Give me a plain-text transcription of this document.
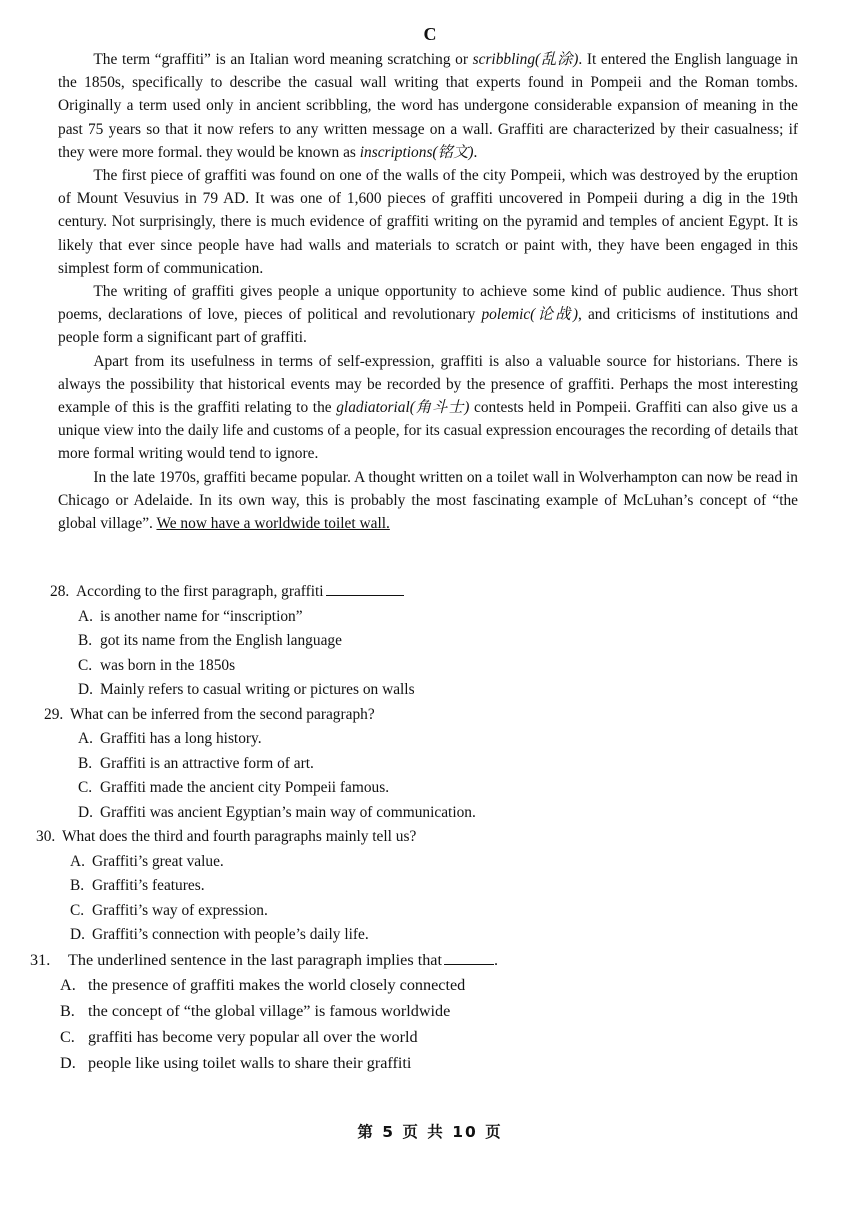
C

The term “graffiti” is an Italian word meaning scratching or scribbling(乱涂). It entered the English language in the 1850s, specifically to describe the casual wall writing that experts found in Pompeii and the Roman tombs. Originally a term used only in ancient scribbling, the word has undergone considerable expansion of meaning in the past 75 years so that it now refers to any written message on a wall. Graffiti are characterized by their casualness; if they were more formal. they would be known as inscriptions(铭文).

The first piece of graffiti was found on one of the walls of the city Pompeii, which was destroyed by the eruption of Mount Vesuvius in 79 AD. It was one of 1,600 pieces of graffiti uncovered in Pompeii during a dig in the 19th century. Not surprisingly, there is much evidence of graffiti writing on the pyramid and temples of ancient Egypt. It is likely that ever since people have had walls and materials to scratch or paint with, they have been engaged in this simplest form of communication.

The writing of graffiti gives people a unique opportunity to achieve some kind of public audience. Thus short poems, declarations of love, pieces of political and revolutionary polemic(论战), and criticisms of institutions and people form a significant part of graffiti.

Apart from its usefulness in terms of self-expression, graffiti is also a valuable source for historians. There is always the possibility that historical events may be recorded by the presence of graffiti. Perhaps the most interesting example of this is the graffiti relating to the gladiatorial(角斗士) contests held in Pompeii. Graffiti can also give us a unique view into the daily life and customs of a people, for its casual expression encourages the recording of details that more formal writing would tend to ignore.

In the late 1970s, graffiti became popular. A thought written on a toilet wall in Wolverhampton can now be read in Chicago or Adelaide. In its own way, this is probably the most fascinating example of McLuhan’s concept of “the global village”. We now have a worldwide toilet wall.

28. According to the first paragraph, graffiti
A. is another name for “inscription”
B. got its name from the English language
C. was born in the 1850s
D. Mainly refers to casual writing or pictures on walls
29. What can be inferred from the second paragraph?
A. Graffiti has a long history.
B. Graffiti is an attractive form of art.
C. Graffiti made the ancient city Pompeii famous.
D. Graffiti was ancient Egyptian’s main way of communication.
30. What does the third and fourth paragraphs mainly tell us?
A. Graffiti’s great value.
B. Graffiti’s features.
C. Graffiti’s way of expression.
D. Graffiti’s connection with people’s daily life.
31. The underlined sentence in the last paragraph implies that	.
A. the presence of graffiti makes the world closely connected
B. the concept of “the global village” is famous worldwide
C. graffiti has become very popular all over the world
D. people like using toilet walls to share their graffiti
第 5 页 共 10 页
